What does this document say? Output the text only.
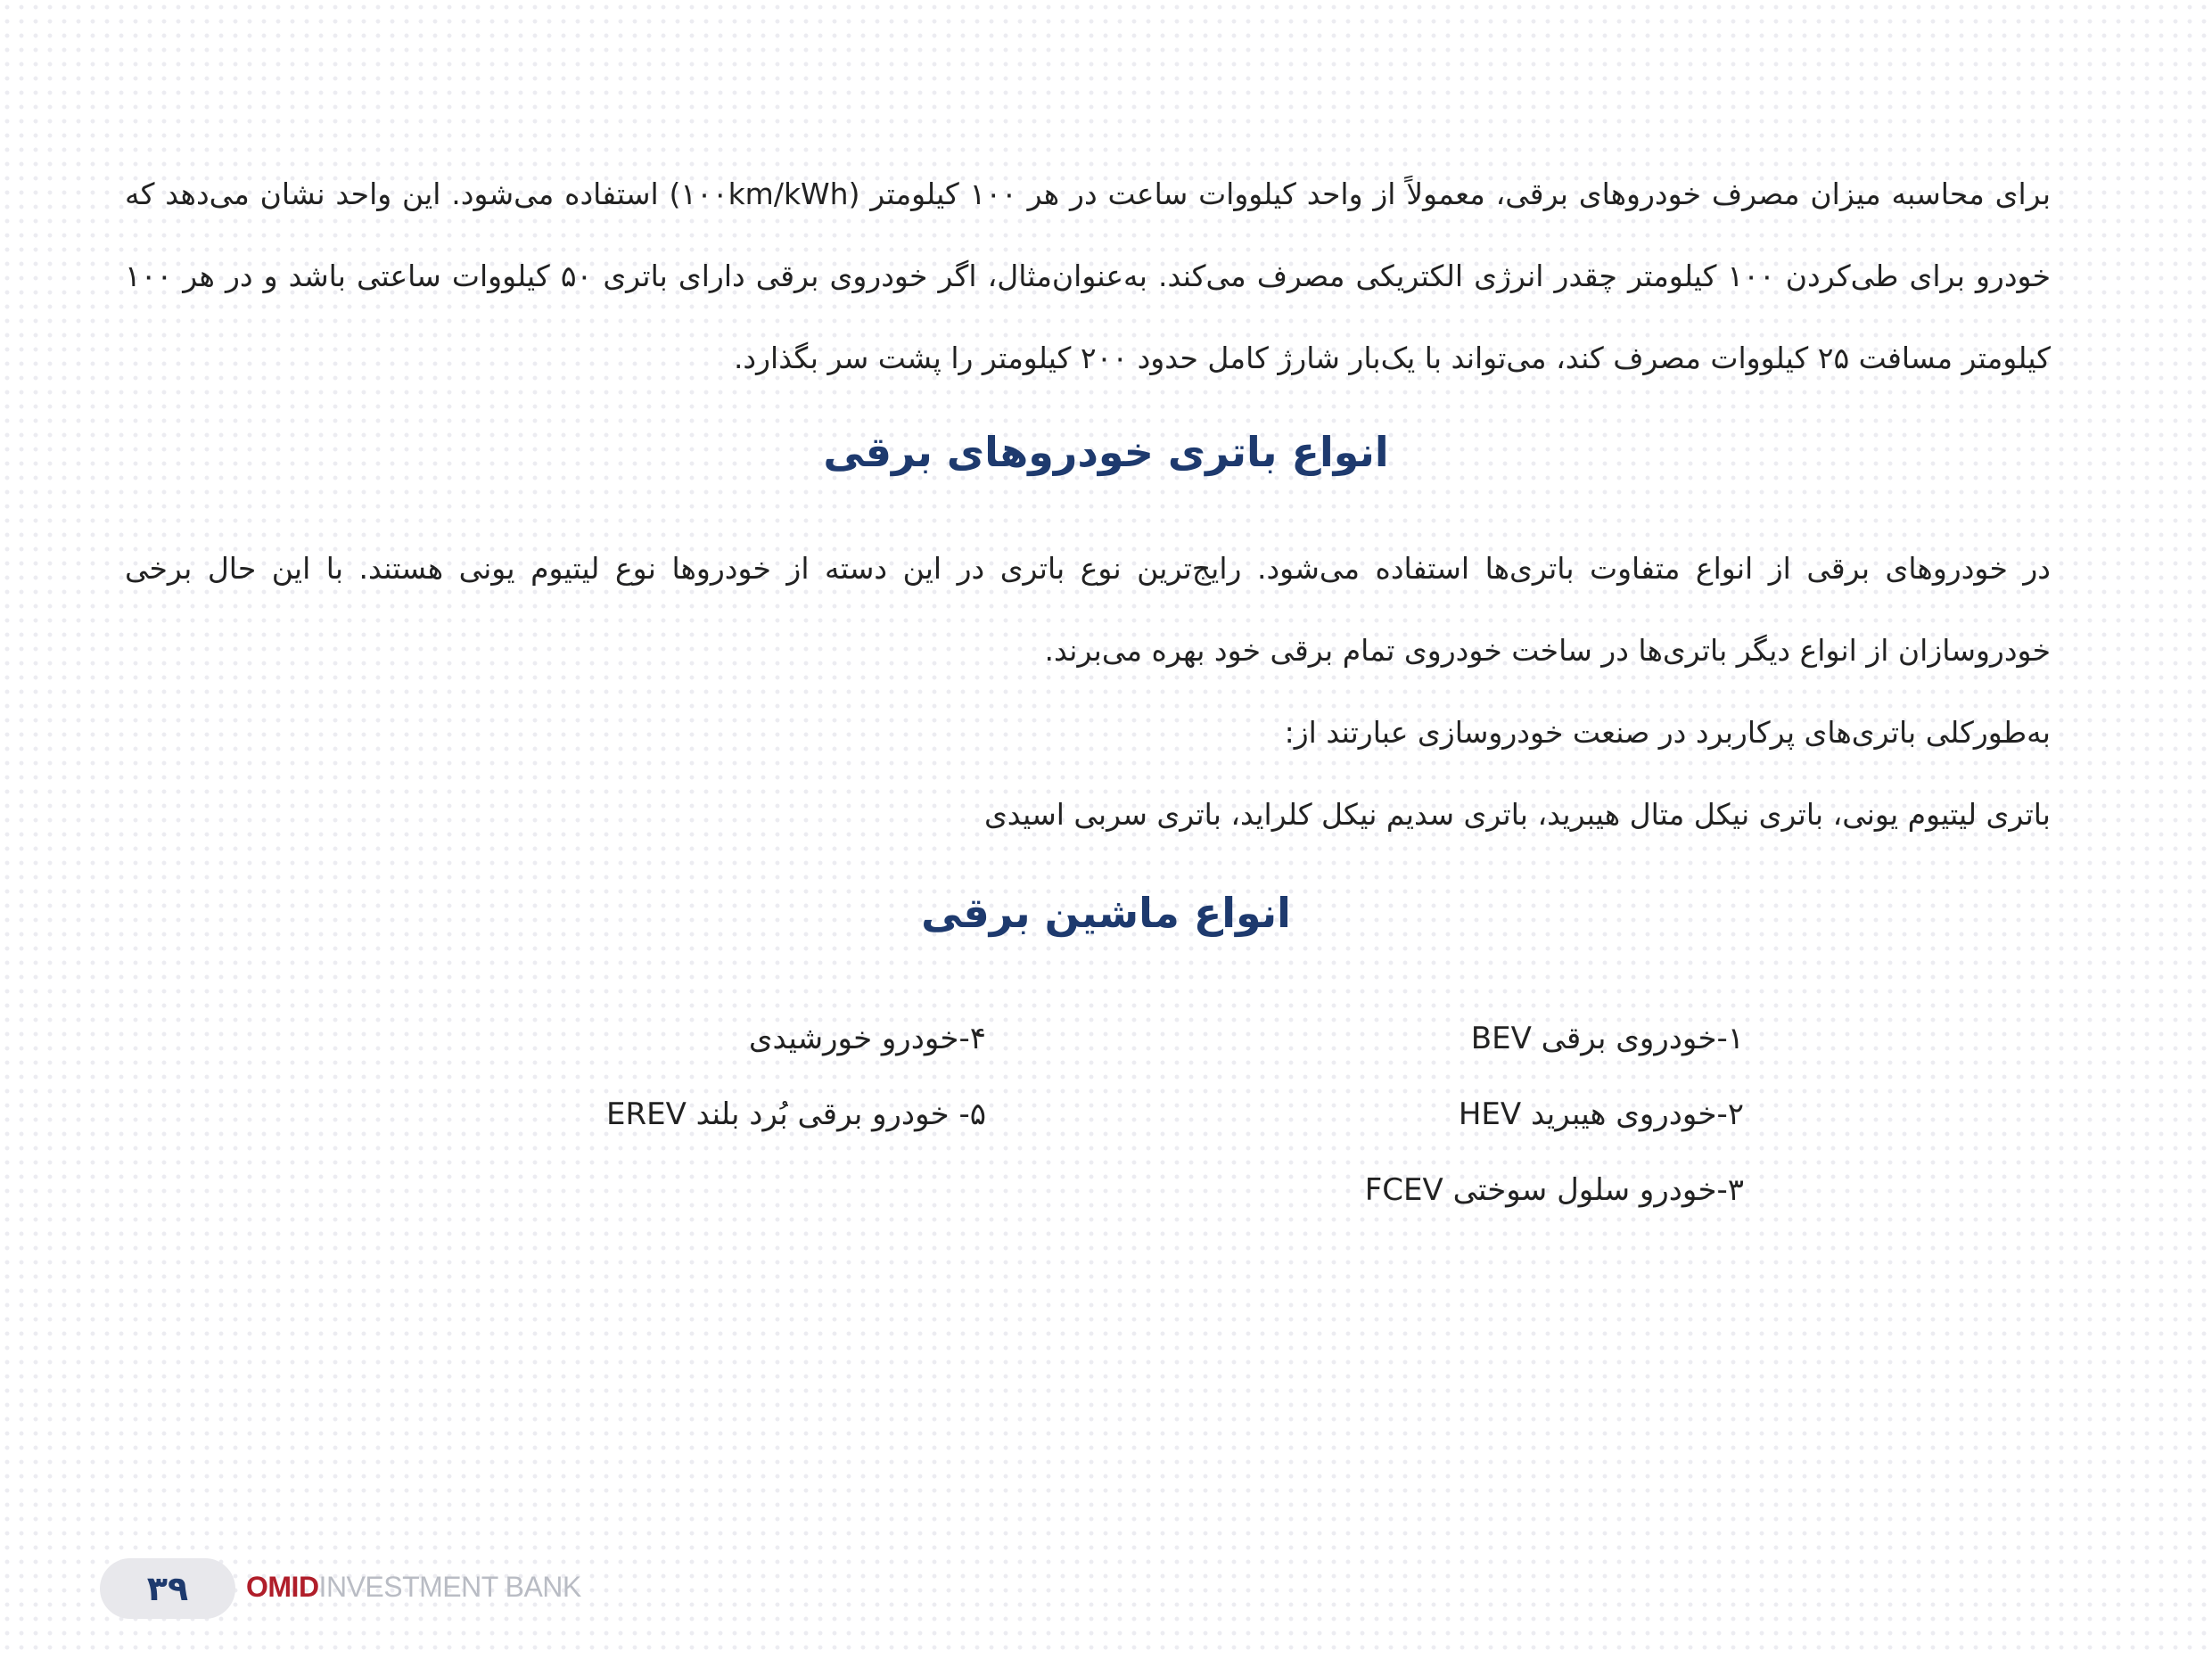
برای محاسبه میزان مصرف خودروهای برقی، معمولاً از واحد کیلووات ساعت در هر ۱۰۰ کیلومتر (۱۰۰km/kWh) استفاده می‌شود. این واحد نشان می‌دهد که خودرو برای طی‌کردن ۱۰۰ کیلومتر چقدر انرژی الکتریکی مصرف می‌کند. به‌عنوان‌مثال، اگر خودروی برقی دارای باتری ۵۰ کیلووات ساعتی باشد و در هر ۱۰۰ کیلومتر مسافت ۲۵ کیلووات مصرف کند، می‌تواند با یک‌بار شارژ کامل حدود ۲۰۰ کیلومتر را پشت سر بگذارد.

انواع باتری خودروهای برقی

در خودروهای برقی از انواع متفاوت باتری‌ها استفاده می‌شود. رایج‌ترین نوع باتری در این دسته از خودروها نوع لیتیوم یونی هستند. با این حال برخی خودروسازان از انواع دیگر باتری‌ها در ساخت خودروی تمام برقی خود بهره می‌برند.

به‌طورکلی باتری‌های پرکاربرد در صنعت خودروسازی عبارتند از:

باتری لیتیوم یونی، باتری نیکل متال هیبرید، باتری سدیم نیکل کلراید، باتری سربی اسیدی

انواع ماشین برقی

۱-خودروی برقی BEV

۲-خودروی هیبرید HEV

۳-خودرو سلول سوختی FCEV

۴-خودرو خورشیدی

۵- خودرو برقی بُرد بلند EREV

۳۹ OMIDINVESTMENT BANK
